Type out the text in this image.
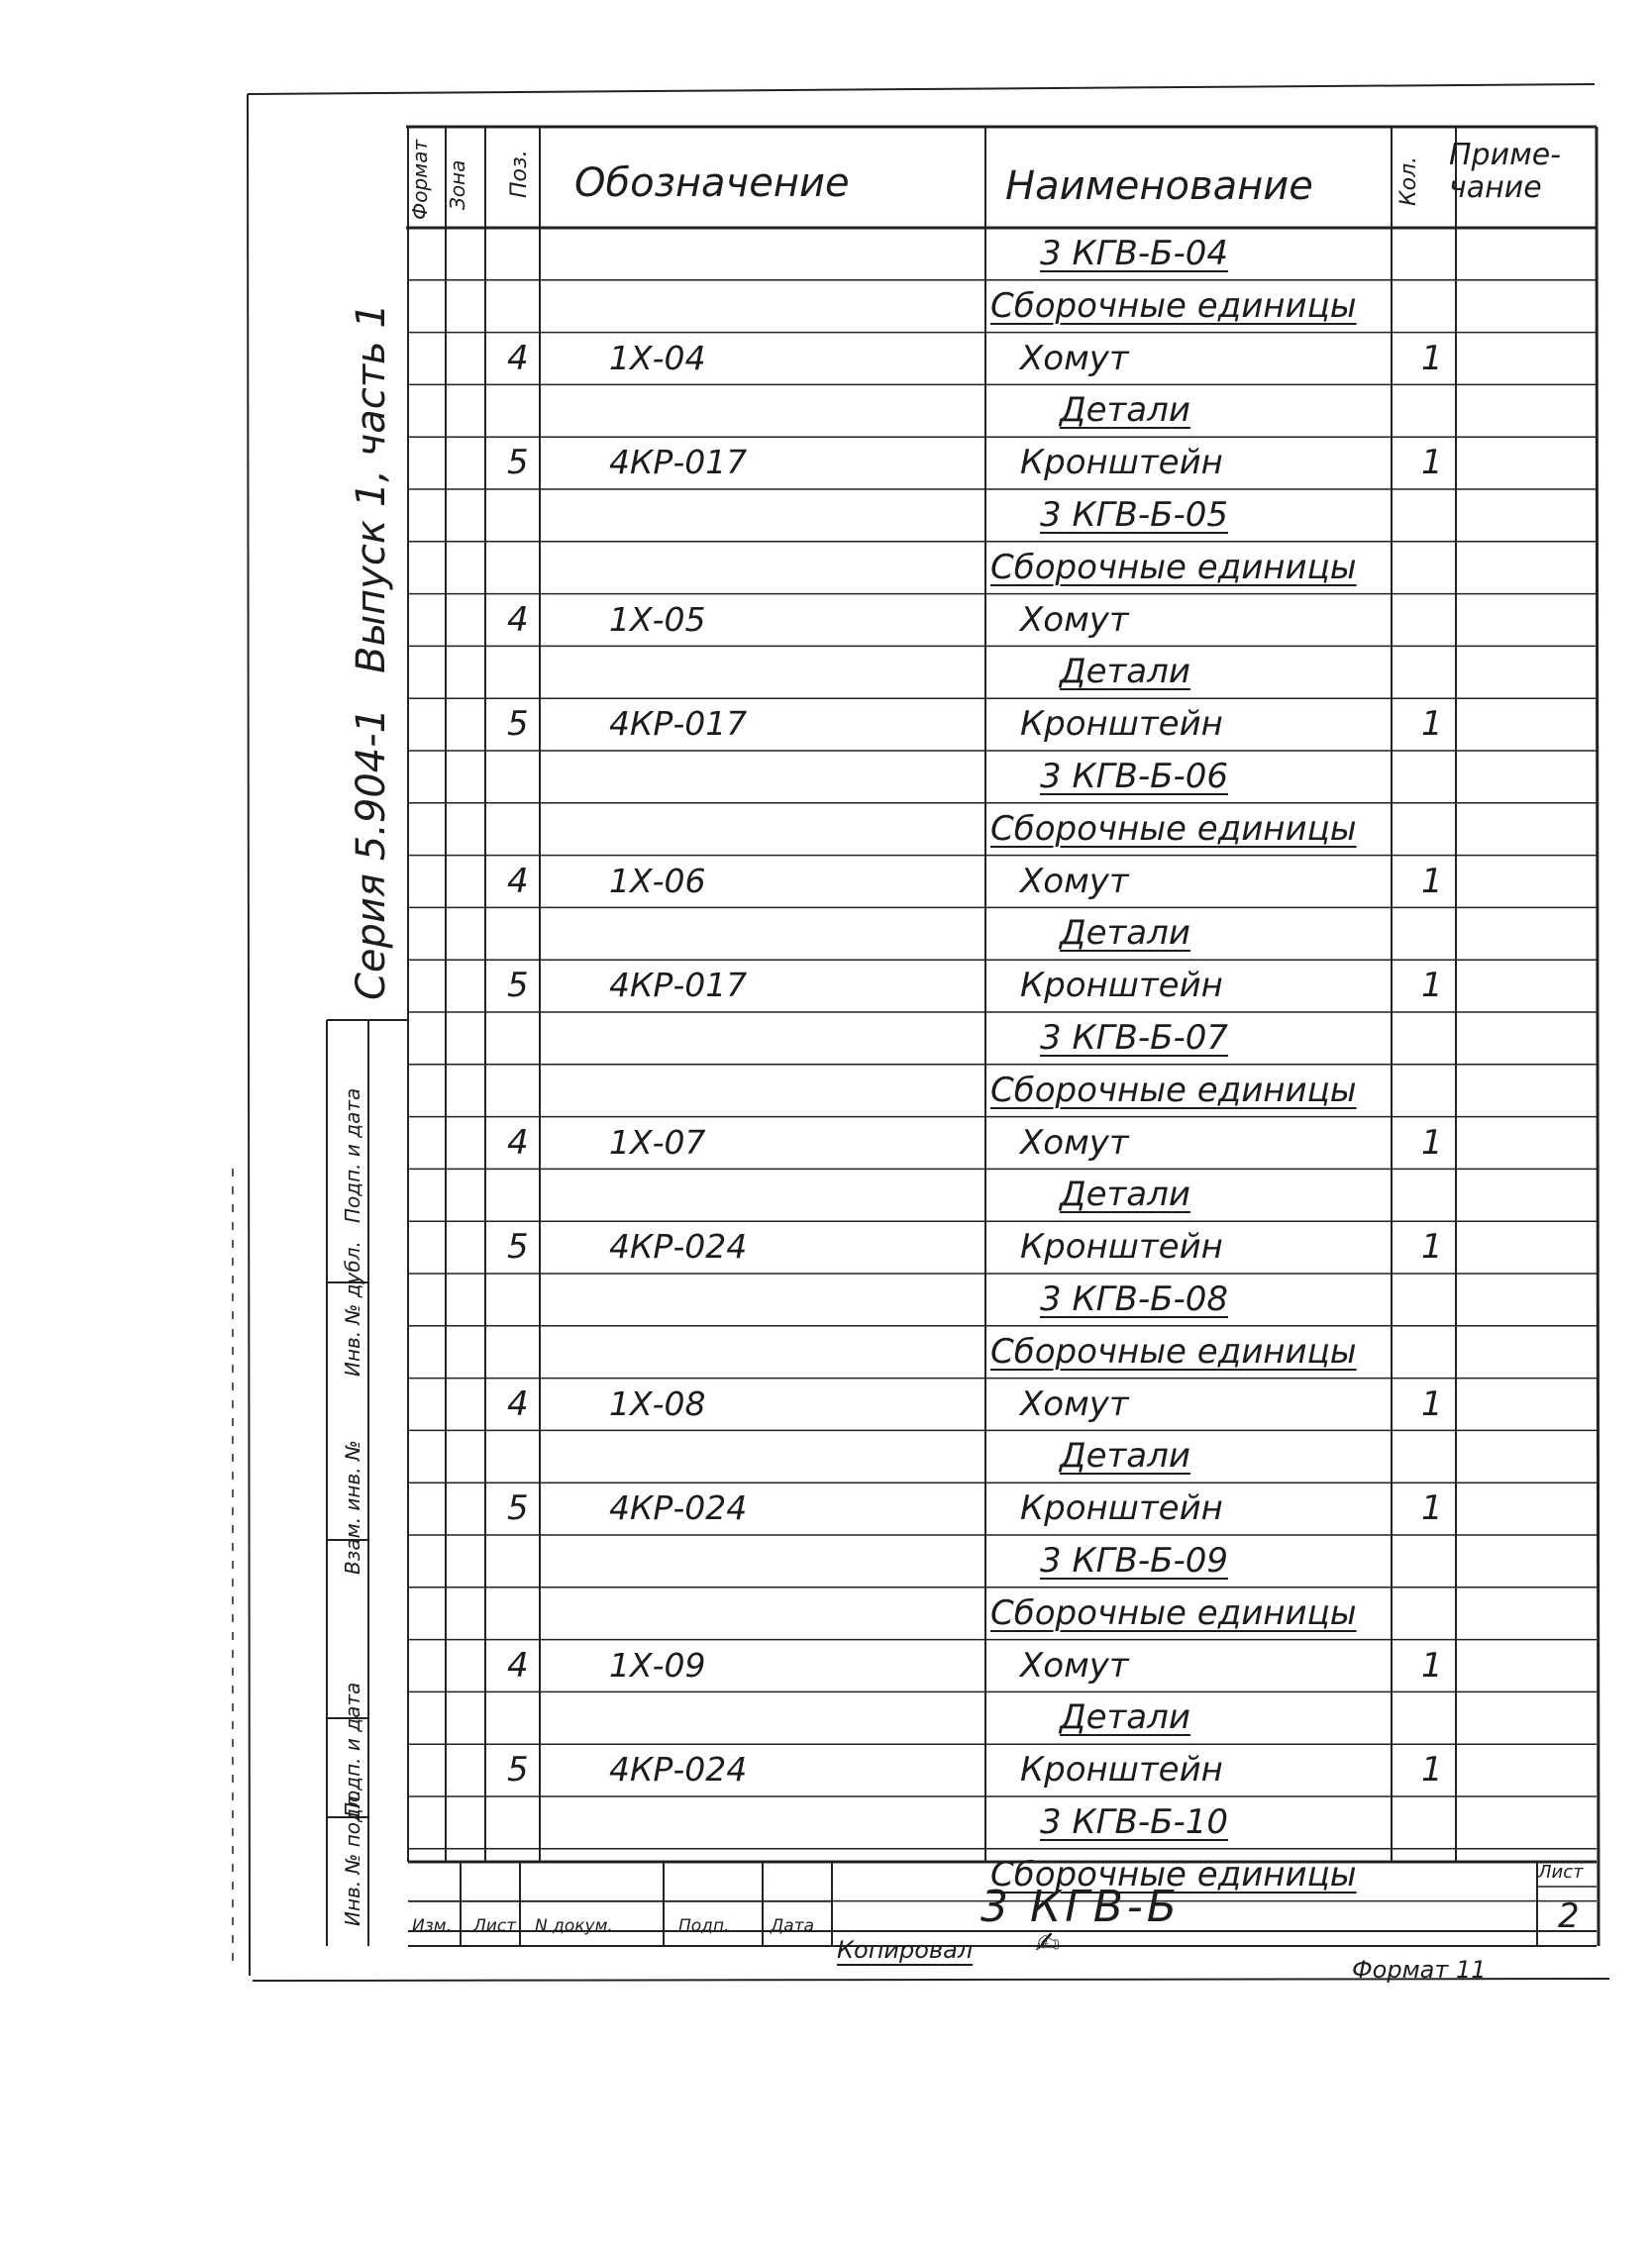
Серия 5.904-1
Выпуск 1, часть 1
Инв. № подл.
Подп. и дата
Взам. инв. №
Инв. № дубл.
Подп. и дата
Формат Зона Поз. Обозначение	Наименование	Кол.
Приме-чание
3 КГВ-Б-04
Сборочные единицы
4 1Х-04	Хомут	1
Детали
5 4КР-017	Кронштейн	1
3 КГВ-Б-05
Сборочные единицы
4 1Х-05	Хомут
Детали
5 4КР-017	Кронштейн	1
3 КГВ-Б-06
Сборочные единицы
4 1Х-06	Хомут	1
Детали
5 4КР-017	Кронштейн	1
3 КГВ-Б-07
Сборочные единицы
4 1Х-07	Хомут	1
Детали
5 4КР-024	Кронштейн	1
3 КГВ-Б-08
Сборочные единицы
4 1Х-08	Хомут	1
Детали
5 4КР-024	Кронштейн	1
3 КГВ-Б-09
Сборочные единицы
4 1Х-09	Хомут	1
Детали
5 4КР-024	Кронштейн	1
3 КГВ-Б-10
Сборочные единицы
3 КГВ-Б
Лист
2
Изм. Лист N докум.	Подп. Дата
Копировал ✍
Формат 11
